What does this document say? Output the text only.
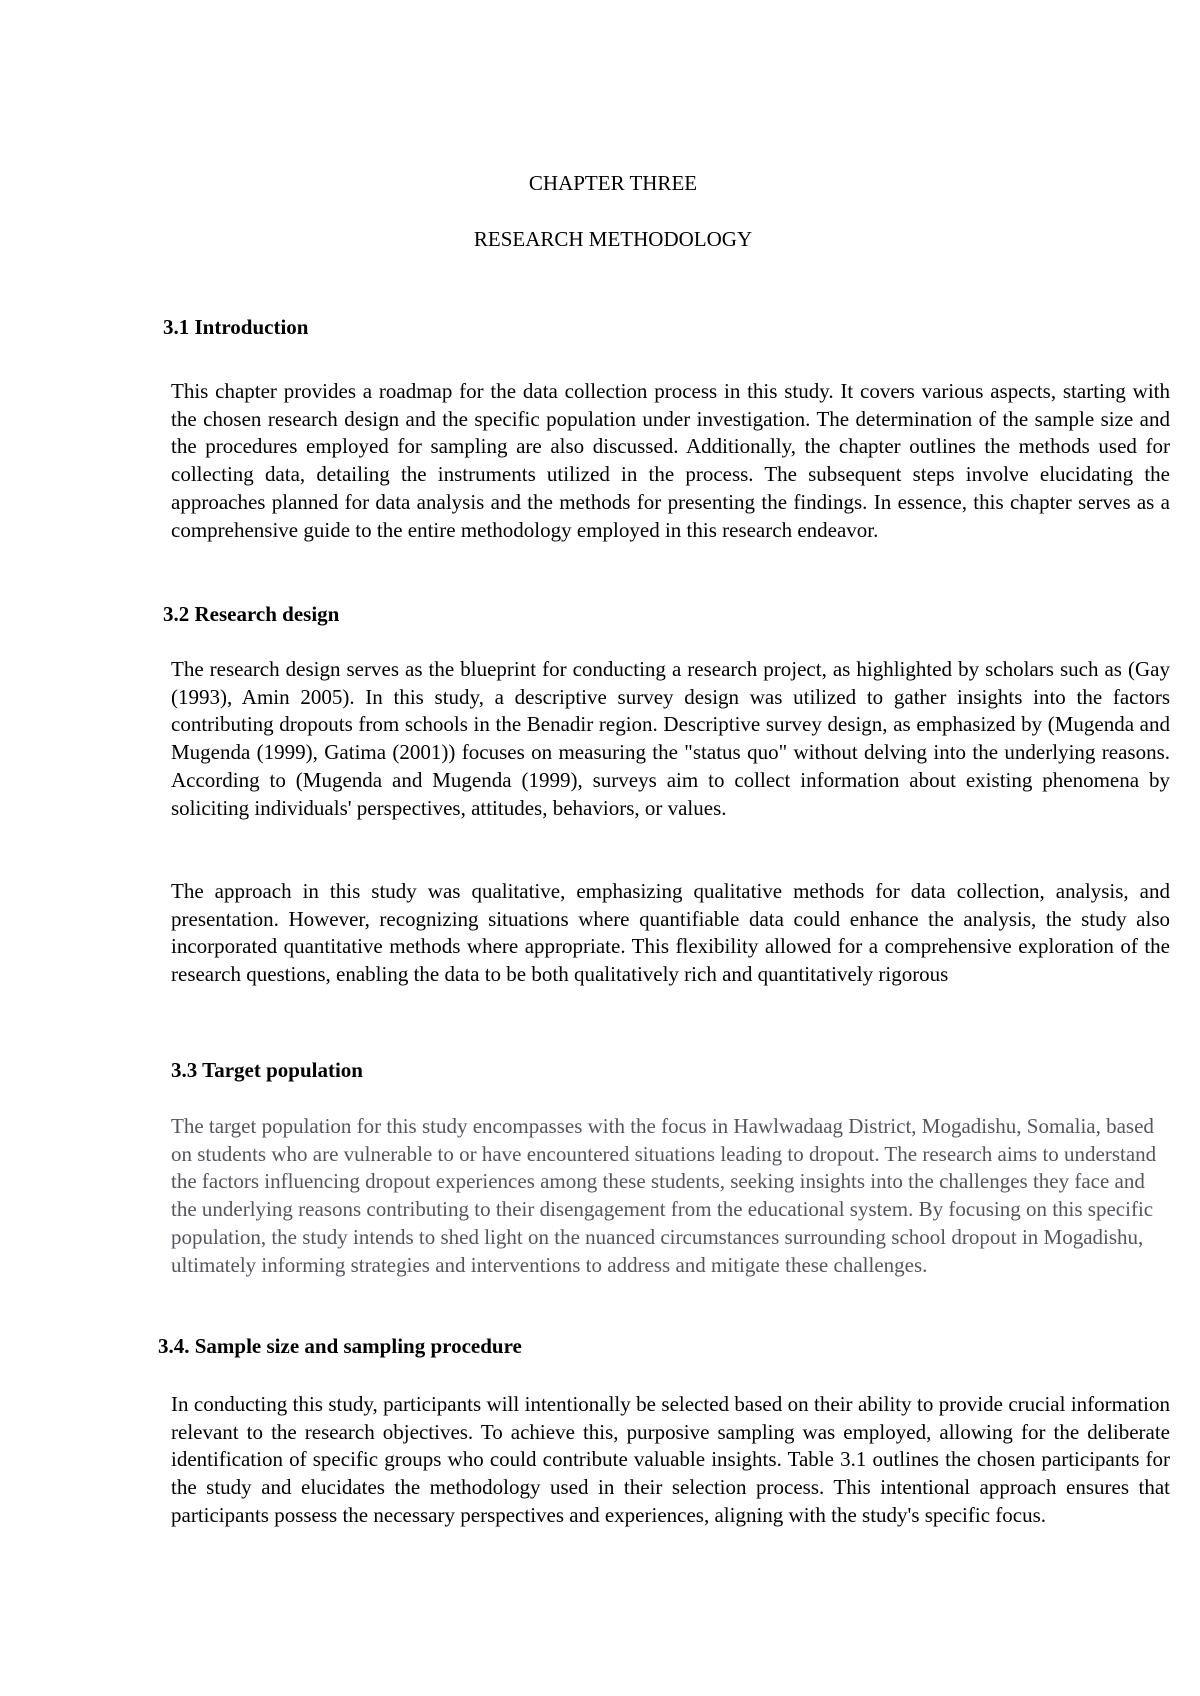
CHAPTER THREE
RESEARCH METHODOLOGY
3.1 Introduction

This chapter provides a roadmap for the data collection process in this study. It covers various aspects, starting with the chosen research design and the specific population under investigation. The determination of the sample size and the procedures employed for sampling are also discussed. Additionally, the chapter outlines the methods used for collecting data, detailing the instruments utilized in the process. The subsequent steps involve elucidating the approaches planned for data analysis and the methods for presenting the findings. In essence, this chapter serves as a comprehensive guide to the entire methodology employed in this research endeavor.

3.2 Research design

The research design serves as the blueprint for conducting a research project, as highlighted by scholars such as (Gay (1993), Amin 2005). In this study, a descriptive survey design was utilized to gather insights into the factors contributing dropouts from schools in the Benadir region. Descriptive survey design, as emphasized by (Mugenda and Mugenda (1999), Gatima (2001)) focuses on measuring the "status quo" without delving into the underlying reasons. According to (Mugenda and Mugenda (1999), surveys aim to collect information about existing phenomena by soliciting individuals' perspectives, attitudes, behaviors, or values.

The approach in this study was qualitative, emphasizing qualitative methods for data collection, analysis, and presentation. However, recognizing situations where quantifiable data could enhance the analysis, the study also incorporated quantitative methods where appropriate. This flexibility allowed for a comprehensive exploration of the research questions, enabling the data to be both qualitatively rich and quantitatively rigorous

3.3 Target population

The target population for this study encompasses with the focus in Hawlwadaag District, Mogadishu, Somalia, based on students who are vulnerable to or have encountered situations leading to dropout. The research aims to understand the factors influencing dropout experiences among these students, seeking insights into the challenges they face and the underlying reasons contributing to their disengagement from the educational system. By focusing on this specific population, the study intends to shed light on the nuanced circumstances surrounding school dropout in Mogadishu, ultimately informing strategies and interventions to address and mitigate these challenges.

3.4. Sample size and sampling procedure

In conducting this study, participants will intentionally be selected based on their ability to provide crucial information relevant to the research objectives. To achieve this, purposive sampling was employed, allowing for the deliberate identification of specific groups who could contribute valuable insights. Table 3.1 outlines the chosen participants for the study and elucidates the methodology used in their selection process. This intentional approach ensures that participants possess the necessary perspectives and experiences, aligning with the study's specific focus.
